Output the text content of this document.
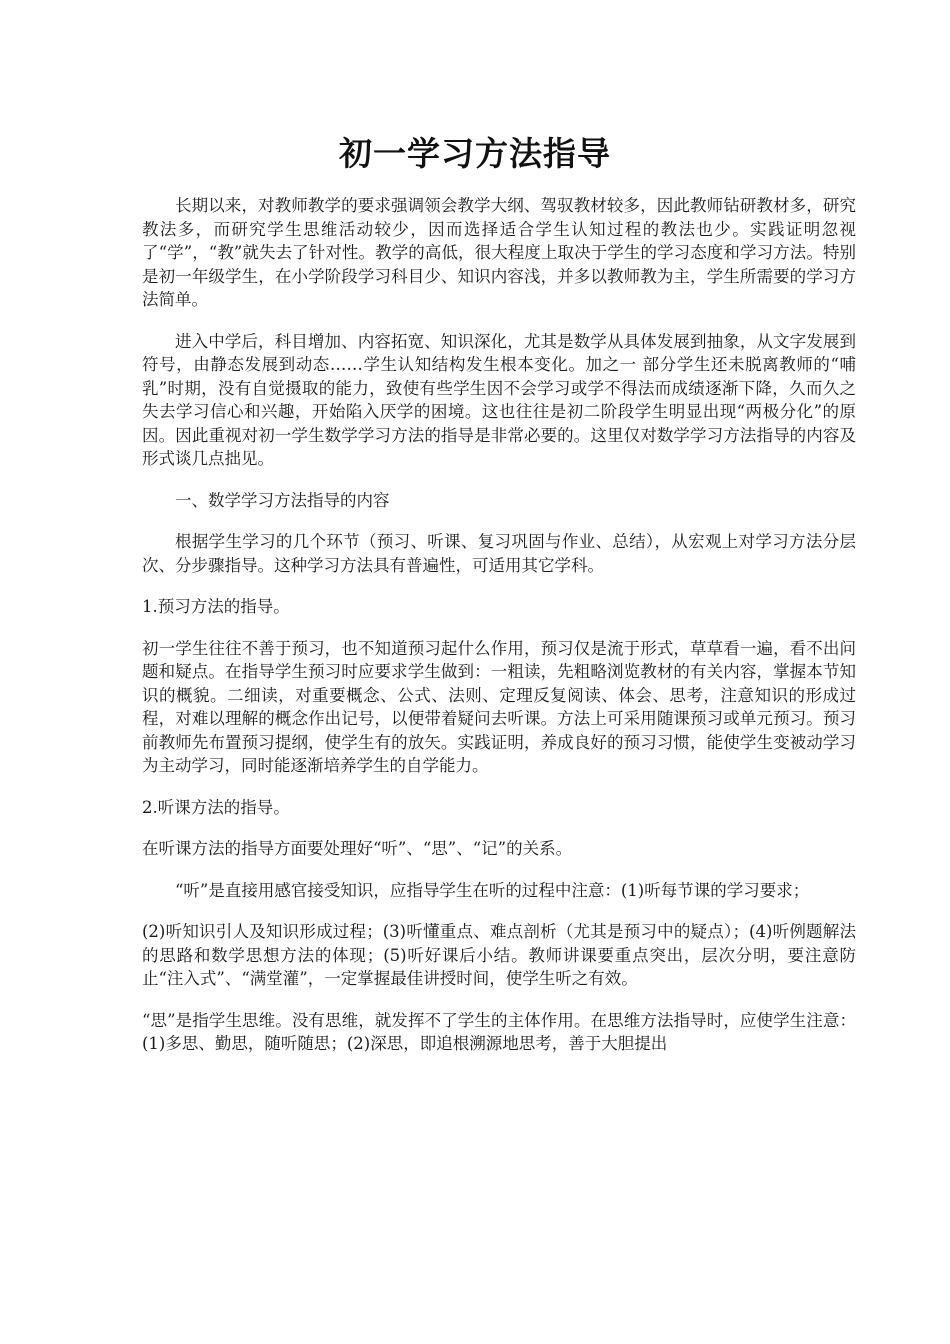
初一学习方法指导

长期以来，对教师教学的要求强调领会教学大纲、驾驭教材较多，因此教师钻研教材多，研究教法多，而研究学生思维活动较少，因而选择适合学生认知过程的教法也少。实践证明忽视了“学”，“教”就失去了针对性。教学的高低，很大程度上取决于学生的学习态度和学习方法。特别是初一年级学生，在小学阶段学习科目少、知识内容浅，并多以教师教为主，学生所需要的学习方法简单。

进入中学后，科目增加、内容拓宽、知识深化，尤其是数学从具体发展到抽象，从文字发展到符号，由静态发展到动态……学生认知结构发生根本变化。加之一 部分学生还未脱离教师的“哺乳”时期，没有自觉摄取的能力，致使有些学生因不会学习或学不得法而成绩逐渐下降，久而久之失去学习信心和兴趣，开始陷入厌学的困境。这也往往是初二阶段学生明显出现“两极分化”的原因。因此重视对初一学生数学学习方法的指导是非常必要的。这里仅对数学学习方法指导的内容及形式谈几点拙见。

一、数学学习方法指导的内容

根据学生学习的几个环节（预习、听课、复习巩固与作业、总结），从宏观上对学习方法分层次、分步骤指导。这种学习方法具有普遍性，可适用其它学科。

1.预习方法的指导。

初一学生往往不善于预习，也不知道预习起什么作用，预习仅是流于形式，草草看一遍，看不出问题和疑点。在指导学生预习时应要求学生做到：一粗读，先粗略浏览教材的有关内容，掌握本节知识的概貌。二细读，对重要概念、公式、法则、定理反复阅读、体会、思考，注意知识的形成过程，对难以理解的概念作出记号，以便带着疑问去听课。方法上可采用随课预习或单元预习。预习前教师先布置预习提纲，使学生有的放矢。实践证明，养成良好的预习习惯，能使学生变被动学习为主动学习，同时能逐渐培养学生的自学能力。

2.听课方法的指导。

在听课方法的指导方面要处理好“听”、“思”、“记”的关系。

“听”是直接用感官接受知识，应指导学生在听的过程中注意：(1)听每节课的学习要求；

(2)听知识引人及知识形成过程；(3)听懂重点、难点剖析（尤其是预习中的疑点）；(4)听例题解法的思路和数学思想方法的体现；(5)听好课后小结。教师讲课要重点突出，层次分明，要注意防止“注入式”、“满堂灌”，一定掌握最佳讲授时间，使学生听之有效。

“思”是指学生思维。没有思维，就发挥不了学生的主体作用。在思维方法指导时，应使学生注意：(1)多思、勤思，随听随思；(2)深思，即追根溯源地思考，善于大胆提出
